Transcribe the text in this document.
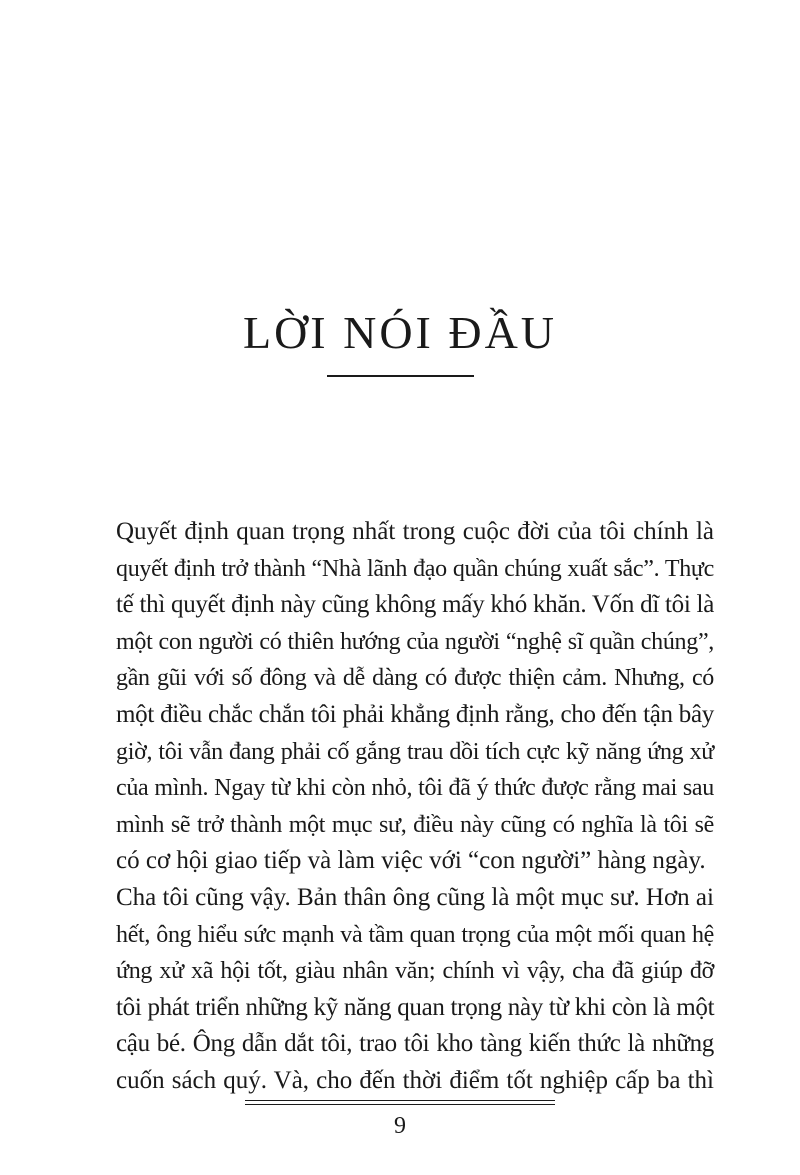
LỜI NÓI ĐẦU
Quyết định quan trọng nhất trong cuộc đời của tôi chính là
quyết định trở thành “Nhà lãnh đạo quần chúng xuất sắc”. Thực
tế thì quyết định này cũng không mấy khó khăn. Vốn dĩ tôi là
một con người có thiên hướng của người “nghệ sĩ quần chúng”,
gần gũi với số đông và dễ dàng có được thiện cảm. Nhưng, có
một điều chắc chắn tôi phải khẳng định rằng, cho đến tận bây
giờ, tôi vẫn đang phải cố gắng trau dồi tích cực kỹ năng ứng xử
của mình. Ngay từ khi còn nhỏ, tôi đã ý thức được rằng mai sau
mình sẽ trở thành một mục sư, điều này cũng có nghĩa là tôi sẽ
có cơ hội giao tiếp và làm việc với “con người” hàng ngày.
Cha tôi cũng vậy. Bản thân ông cũng là một mục sư. Hơn ai
hết, ông hiểu sức mạnh và tầm quan trọng của một mối quan hệ
ứng xử xã hội tốt, giàu nhân văn; chính vì vậy, cha đã giúp đỡ
tôi phát triển những kỹ năng quan trọng này từ khi còn là một
cậu bé. Ông dẫn dắt tôi, trao tôi kho tàng kiến thức là những
cuốn sách quý. Và, cho đến thời điểm tốt nghiệp cấp ba thì
9
